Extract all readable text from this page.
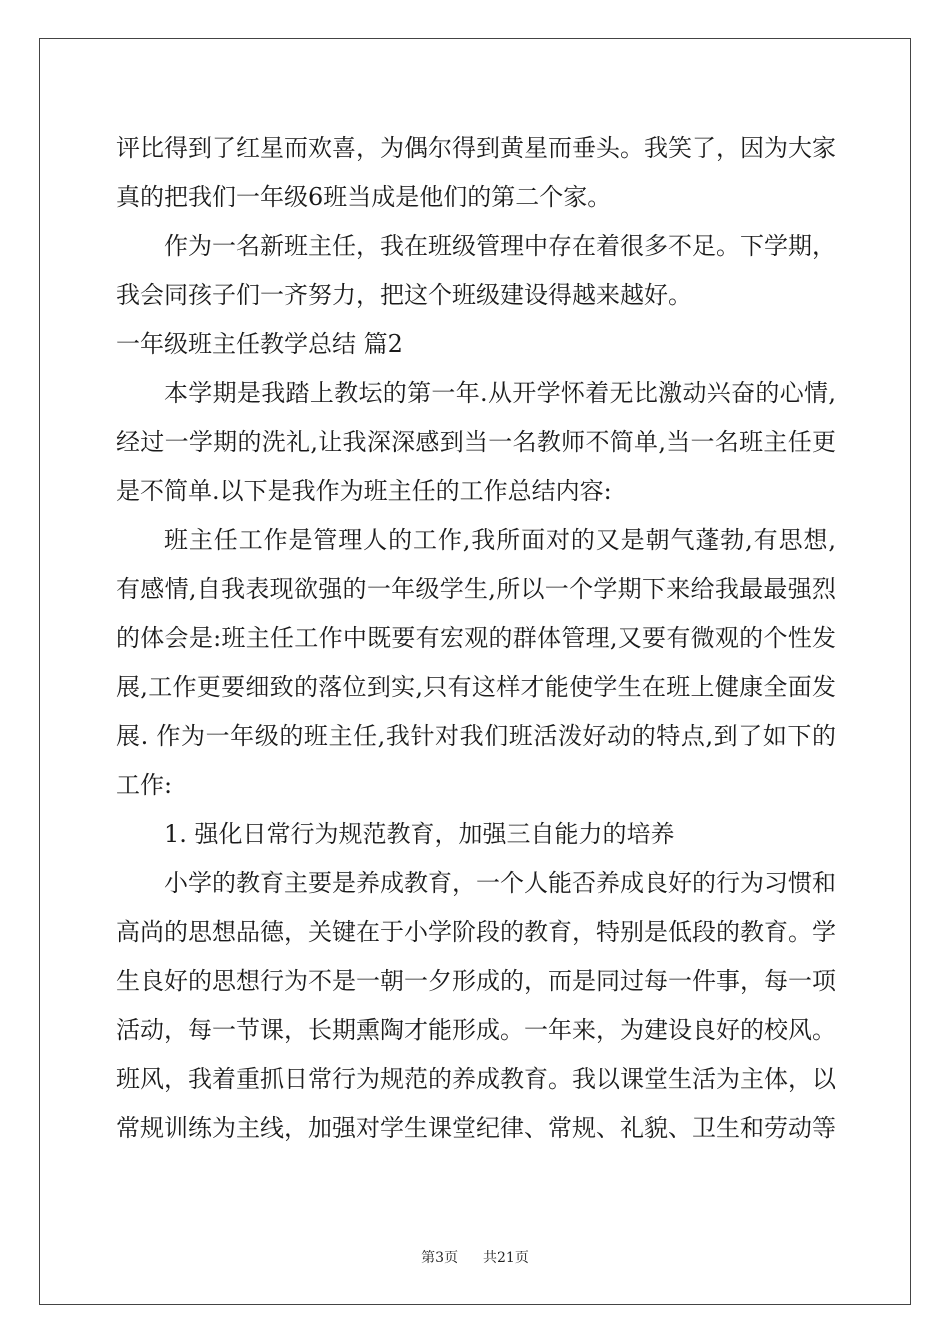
评比得到了红星而欢喜，为偶尔得到黄星而垂头。我笑了，因为大家
真的把我们一年级6班当成是他们的第二个家。
作为一名新班主任，我在班级管理中存在着很多不足。下学期，
我会同孩子们一齐努力，把这个班级建设得越来越好。
一年级班主任教学总结 篇2
本学期是我踏上教坛的第一年.从开学怀着无比激动兴奋的心情,
经过一学期的洗礼,让我深深感到当一名教师不简单,当一名班主任更
是不简单.以下是我作为班主任的工作总结内容:
班主任工作是管理人的工作,我所面对的又是朝气蓬勃,有思想,
有感情,自我表现欲强的一年级学生,所以一个学期下来给我最最强烈
的体会是:班主任工作中既要有宏观的群体管理,又要有微观的个性发
展,工作更要细致的落位到实,只有这样才能使学生在班上健康全面发
展. 作为一年级的班主任,我针对我们班活泼好动的特点,到了如下的
工作:
1. 强化日常行为规范教育，加强三自能力的培养
小学的教育主要是养成教育，一个人能否养成良好的行为习惯和
高尚的思想品德，关键在于小学阶段的教育，特别是低段的教育。学
生良好的思想行为不是一朝一夕形成的，而是同过每一件事，每一项
活动，每一节课，长期熏陶才能形成。一年来，为建设良好的校风。
班风，我着重抓日常行为规范的养成教育。我以课堂生活为主体，以
常规训练为主线，加强对学生课堂纪律、常规、礼貌、卫生和劳动等
第3页 共21页
